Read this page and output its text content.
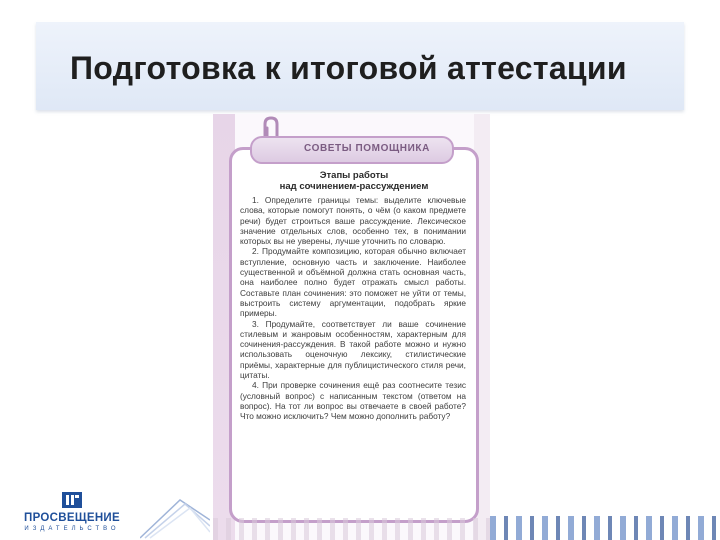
Подготовка к итоговой аттестации
СОВЕТЫ ПОМОЩНИКА
Этапы работы
над сочинением-рассуждением

1. Определите границы темы: выделите ключевые слова, которые помогут понять, о чём (о каком предмете речи) будет строиться ваше рассуждение. Лексическое значение отдельных слов, особенно тех, в понимании которых вы не уверены, лучше уточнить по словарю.

2. Продумайте композицию, которая обычно включает вступление, основную часть и заключение. Наиболее существенной и объёмной должна стать основная часть, она наиболее полно будет отражать смысл работы. Составьте план сочинения: это поможет не уйти от темы, выстроить систему аргументации, подобрать яркие примеры.

3. Продумайте, соответствует ли ваше сочинение стилевым и жанровым особенностям, характерным для сочинения-рассуждения. В такой работе можно и нужно использовать оценочную лексику, стилистические приёмы, характерные для публицистического стиля речи, цитаты.

4. При проверке сочинения ещё раз соотнесите тезис (условный вопрос) с написанным текстом (ответом на вопрос). На тот ли вопрос вы отвечаете в своей работе? Что можно исключить? Чем можно дополнить работу?

ПРОСВЕЩЕНИЕ
ИЗДАТЕЛЬСТВО
